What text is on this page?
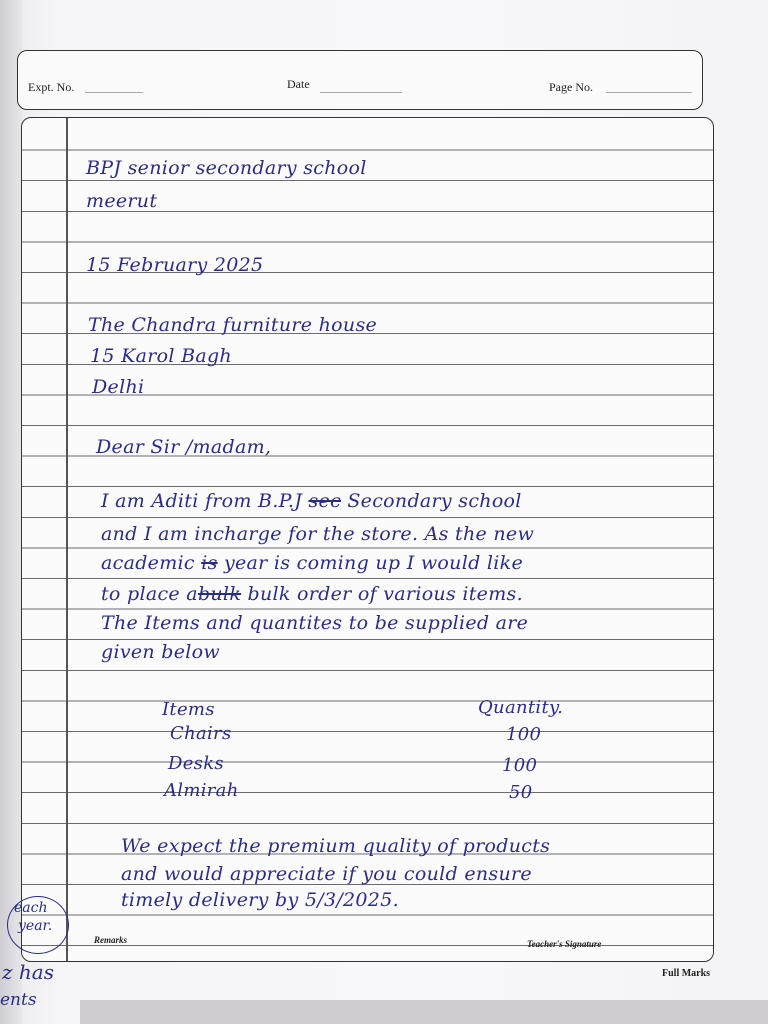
Expt. No.	Date	Page No.
BPJ senior secondary school
meerut
15 February 2025
The Chandra furniture house
15 Karol Bagh
Delhi
Dear Sir /madam,
I am Aditi from B.P.J sec Secondary school
and I am incharge for the store. As the new
academic is year is coming up I would like
to place abulk bulk order of various items.
The Items and quantites to be supplied are
given below
Items	Quantity.
Chairs	100
Desks	100
Almirah	50
We expect the premium quality of products
and would appreciate if you could ensure
timely delivery by 5/3/2025.
Remarks	Teacher's Signature
Full Marks
each
year.
z has
ents
